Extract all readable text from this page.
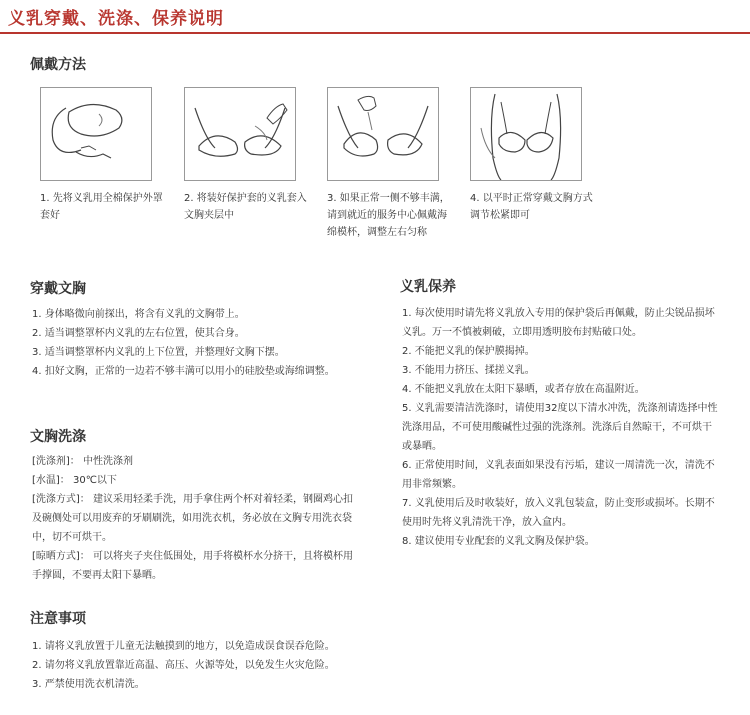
义乳穿戴、洗涤、保养说明
佩戴方法
1. 先将义乳用全棉保护外罩套好
2. 将装好保护套的义乳套入文胸夹层中
3. 如果正常一侧不够丰满，请到就近的服务中心佩戴海绵模杯，调整左右匀称
4. 以平时正常穿戴文胸方式调节松紧即可
穿戴文胸
1. 身体略微向前探出，将含有义乳的文胸带上。
2. 适当调整罩杯内义乳的左右位置，使其合身。
3. 适当调整罩杯内义乳的上下位置，并整理好文胸下摆。
4. 扣好文胸，正常的一边若不够丰满可以用小的硅胶垫或海绵调整。
文胸洗涤

[洗涤剂]： 中性洗涤剂

[水温]： 30℃以下

[洗涤方式]： 建议采用轻柔手洗，用手拿住两个杯对着轻柔，钢圈鸡心扣及碗侧处可以用废弃的牙刷刷洗，如用洗衣机，务必放在文胸专用洗衣袋中，切不可烘干。

[晾晒方式]： 可以将夹子夹住低围处，用手将模杯水分挤干，且将模杯用手撑圆，不要再太阳下暴晒。

注意事项
1. 请将义乳放置于儿童无法触摸到的地方，以免造成误食误吞危险。
2. 请勿将义乳放置靠近高温、高压、火源等处，以免发生火灾危险。
3. 严禁使用洗衣机清洗。
义乳保养
1. 每次使用时请先将义乳放入专用的保护袋后再佩戴，防止尖锐品损坏义乳。万一不慎被刺破，立即用透明胶布封贴破口处。
2. 不能把义乳的保护膜揭掉。
3. 不能用力挤压、揉搓义乳。
4. 不能把义乳放在太阳下暴晒，或者存放在高温附近。
5. 义乳需要清洁洗涤时，请使用32度以下清水冲洗，洗涤剂请选择中性洗涤用品，不可使用酸碱性过强的洗涤剂。洗涤后自然晾干，不可烘干或暴晒。
6. 正常使用时间，义乳表面如果没有污垢，建议一周清洗一次，清洗不用非常频繁。
7. 义乳使用后及时收装好，放入义乳包装盒，防止变形或损坏。长期不使用时先将义乳清洗干净，放入盒内。
8. 建议使用专业配套的义乳文胸及保护袋。
